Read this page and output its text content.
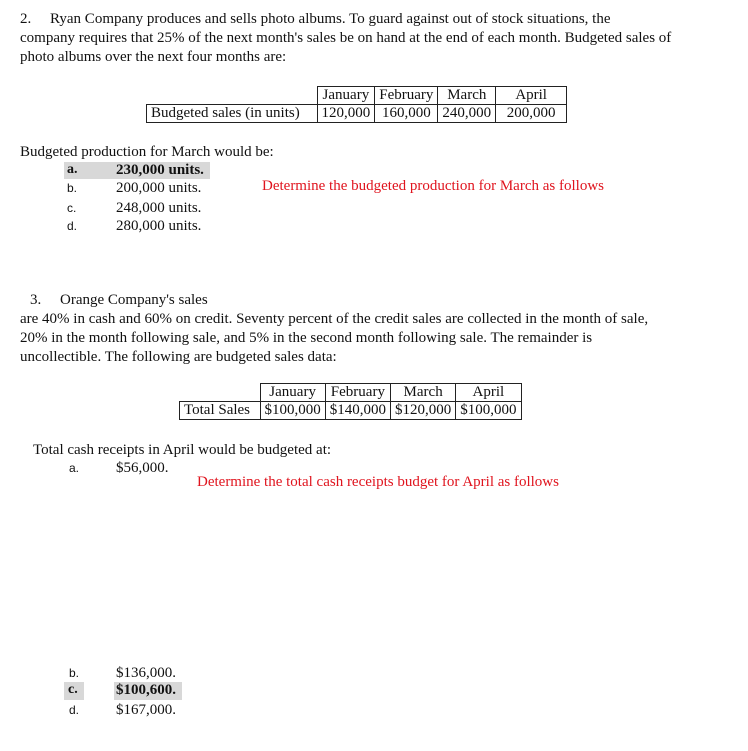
2. Ryan Company produces and sells photo albums. To guard against out of stock situations, the
company requires that 25% of the next month's sales be on hand at the end of each month. Budgeted sales of
photo albums over the next four months are:
	January	February	March	April
Budgeted sales (in units)	120,000	160,000	240,000	200,000
Budgeted production for March would be:
a.	230,000 units.
b.	200,000 units.
c.	248,000 units.
d.	280,000 units.
Determine the budgeted production for March as follows
3. Orange Company's sales
are 40% in cash and 60% on credit. Seventy percent of the credit sales are collected in the month of sale,
20% in the month following sale, and 5% in the second month following sale. The remainder is
uncollectible. The following are budgeted sales data:
	January	February	March	April
Total Sales	$100,000	$140,000	$120,000	$100,000
Total cash receipts in April would be budgeted at:
a. $56,000.
Determine the total cash receipts budget for April as follows
b. $136,000.
c.	$100,600.
d. $167,000.
